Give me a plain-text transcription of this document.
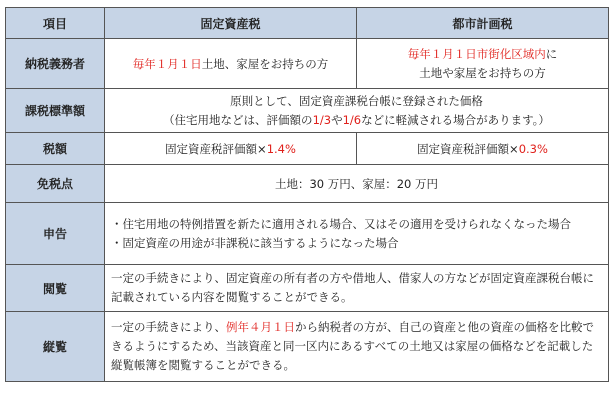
項目	固定資産税	都市計画税
納税義務者	毎年１月１日土地、家屋をお持ちの方	毎年１月１日市街化区域内に
土地や家屋をお持ちの方

課税標準額	原則として、固定資産課税台帳に登録された価格
（住宅用地などは、評価額の1/3や1/6などに軽減される場合があります。）	

税額	固定資産税評価額×1.4%	固定資産税評価額×0.3%
免税点	土地：30 万円、家屋：20 万円	
申告	・住宅用地の特例措置を新たに適用される場合、又はその適用を受けられなくなった場合
・固定資産の用途が非課税に該当するようになった場合	

閲覧	一定の手続きにより、固定資産の所有者の方や借地人、借家人の方などが固定資産課税台帳に記載されている内容を閲覧することができる。	
縦覧	一定の手続きにより、例年４月１日から納税者の方が、自己の資産と他の資産の価格を比較できるようにするため、当該資産と同一区内にあるすべての土地又は家屋の価格などを記載した縦覧帳簿を閲覧することができる。	
